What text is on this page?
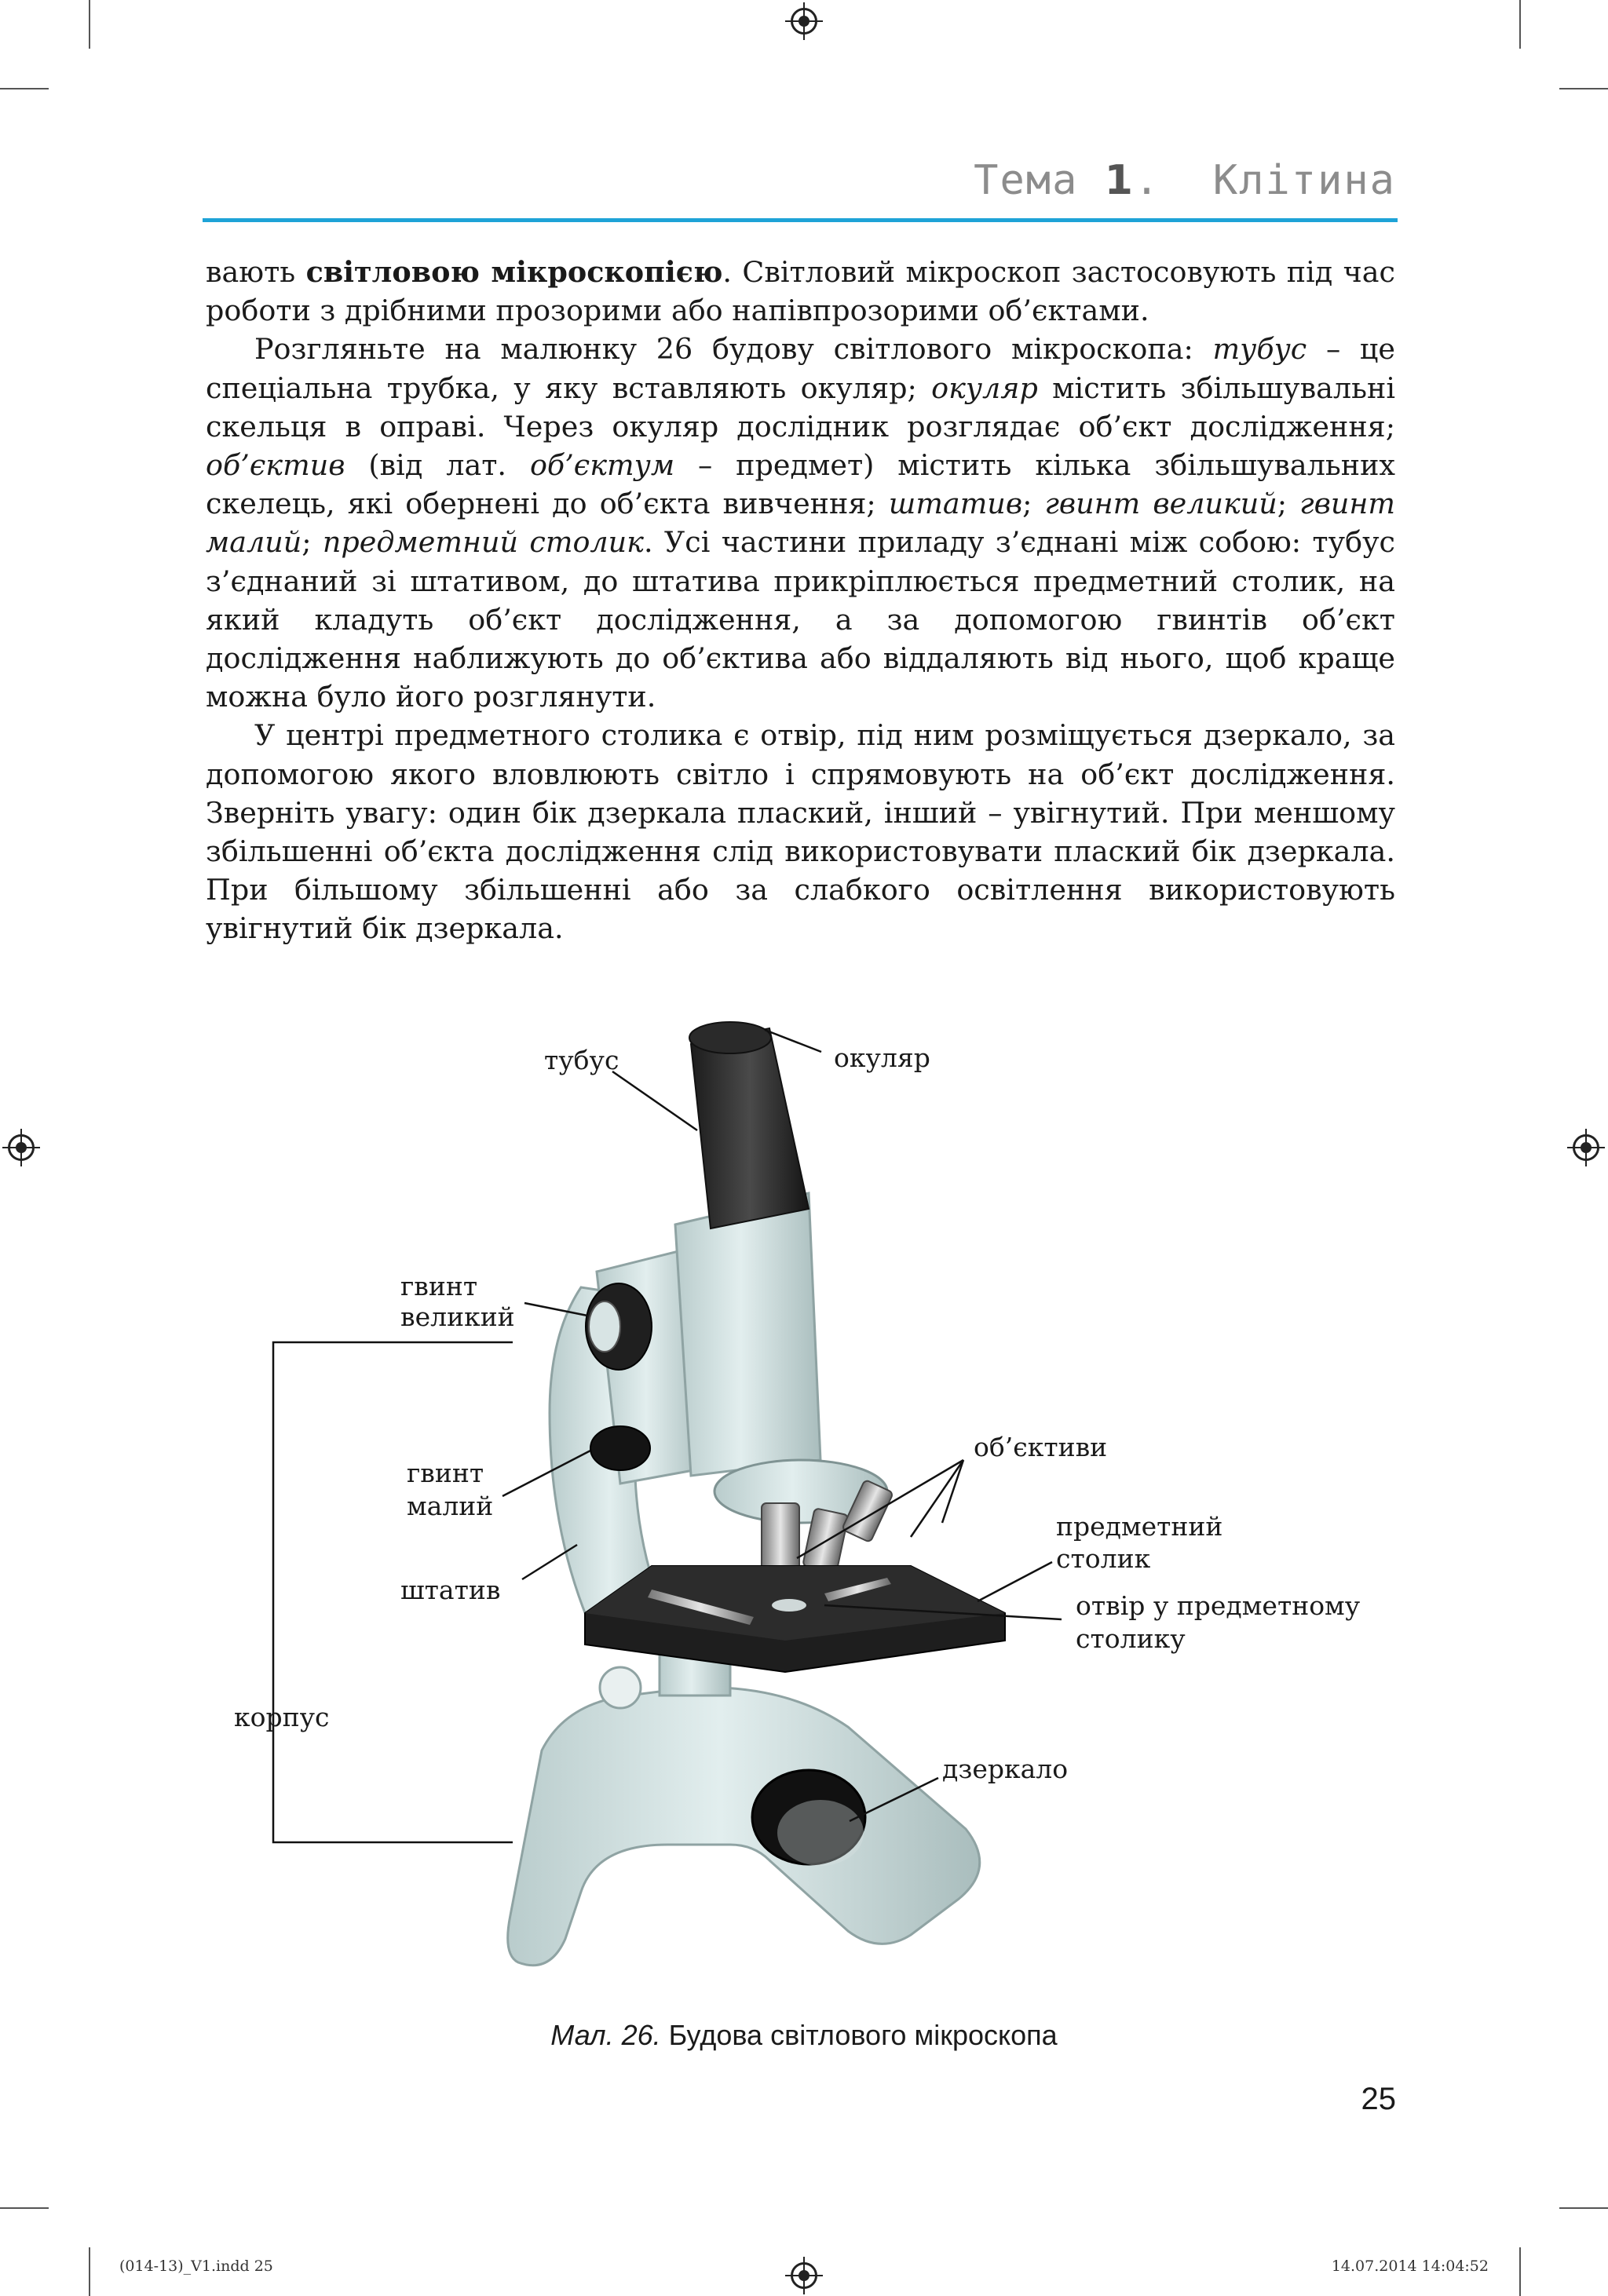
Тема 1. Клітина

вають світловою мікроскопією. Світловий мікроскоп застосовують під час роботи з дрібними прозорими або напівпрозорими об’єктами.

Розгляньте на малюнку 26 будову світлового мікроскопа: тубус – це спеціальна трубка, у яку вставляють окуляр; окуляр містить збільшувальні скельця в оправі. Через окуляр дослідник розглядає об’єкт дослідження; об’єктив (від лат. об’єктум – предмет) містить кілька збільшувальних скелець, які обернені до об’єкта вивчення; штатив; гвинт великий; гвинт малий; предметний столик. Усі частини приладу з’єднані між собою: тубус з’єднаний зі штативом, до штатива прикріплюється предметний столик, на який кладуть об’єкт дослідження, а за допомогою гвинтів об’єкт дослідження наближують до об’єктива або віддаляють від нього, щоб краще можна було його розглянути.

У центрі предметного столика є отвір, під ним розміщується дзеркало, за допомогою якого вловлюють світло і спрямовують на об’єкт дослідження. Зверніть увагу: один бік дзеркала плаский, інший – увігнутий. При меншому збільшенні об’єкта дослідження слід використовувати плаский бік дзеркала. При більшому збільшенні або за слабкого освітлення використовують увігнутий бік дзеркала.

тубус	окуляр
гвинт
великий
гвинт
малий
штатив
корпус
об’єктиви
предметний
столик
отвір у предметному
столику
дзеркало
Мал. 26. Будова світлового мікроскопа
25
(014-13)_V1.indd 25	14.07.2014 14:04:52
